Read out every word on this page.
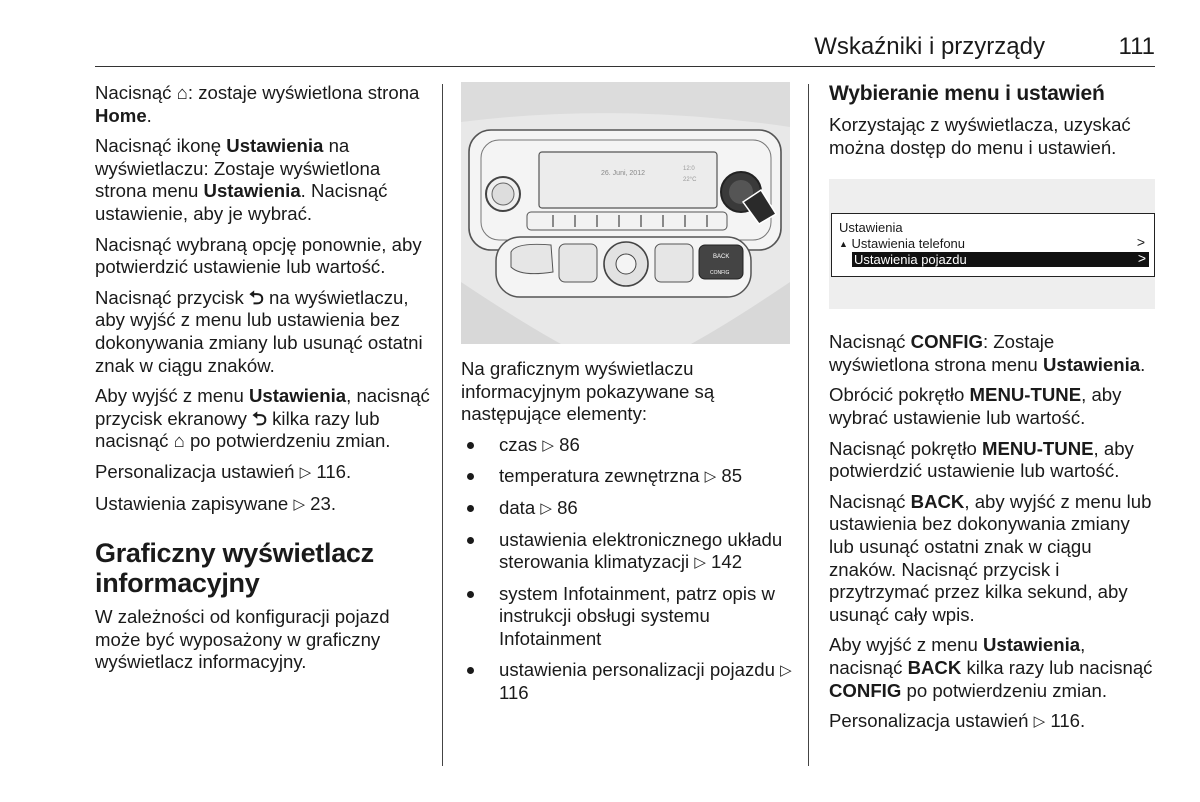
Wskaźniki i przyrządy	111

Nacisnąć ⌂: zostaje wyświetlona strona Home.

Nacisnąć ikonę Ustawienia na wyświetlaczu: Zostaje wyświetlona strona menu Ustawienia. Nacisnąć ustawienie, aby je wybrać.

Nacisnąć wybraną opcję ponownie, aby potwierdzić ustawienie lub wartość.

Nacisnąć przycisk ⮌ na wyświetlaczu, aby wyjść z menu lub ustawienia bez dokonywania zmiany lub usunąć ostatni znak w ciągu znaków.

Aby wyjść z menu Ustawienia, nacisnąć przycisk ekranowy ⮌ kilka razy lub nacisnąć ⌂ po potwierdzeniu zmian.

Personalizacja ustawień ▷ 116.

Ustawienia zapisywane ▷ 23.

Graficzny wyświetlacz informacyjny

W zależności od konfiguracji pojazd może być wyposażony w graficzny wyświetlacz informacyjny.

26. Juni, 2012
12:0
22°C
BACK
CONFIG

Na graficznym wyświetlaczu informacyjnym pokazywane są następujące elementy:

czas ▷ 86
temperatura zewnętrzna ▷ 85
data ▷ 86
ustawienia elektronicznego układu sterowania klimatyzacji ▷ 142
system Infotainment, patrz opis w instrukcji obsługi systemu Infotainment
ustawienia personalizacji pojazdu ▷ 116
Wybieranie menu i ustawień

Korzystając z wyświetlacza, uzyskać można dostęp do menu i ustawień.

Ustawienia
▲ Ustawienia telefonu	>
Ustawienia pojazdu	>

Nacisnąć CONFIG: Zostaje wyświetlona strona menu Ustawienia.

Obrócić pokrętło MENU-TUNE, aby wybrać ustawienie lub wartość.

Nacisnąć pokrętło MENU-TUNE, aby potwierdzić ustawienie lub wartość.

Nacisnąć BACK, aby wyjść z menu lub ustawienia bez dokonywania zmiany lub usunąć ostatni znak w ciągu znaków. Nacisnąć przycisk i przytrzymać przez kilka sekund, aby usunąć cały wpis.

Aby wyjść z menu Ustawienia, nacisnąć BACK kilka razy lub nacisnąć CONFIG po potwierdzeniu zmian.

Personalizacja ustawień ▷ 116.
